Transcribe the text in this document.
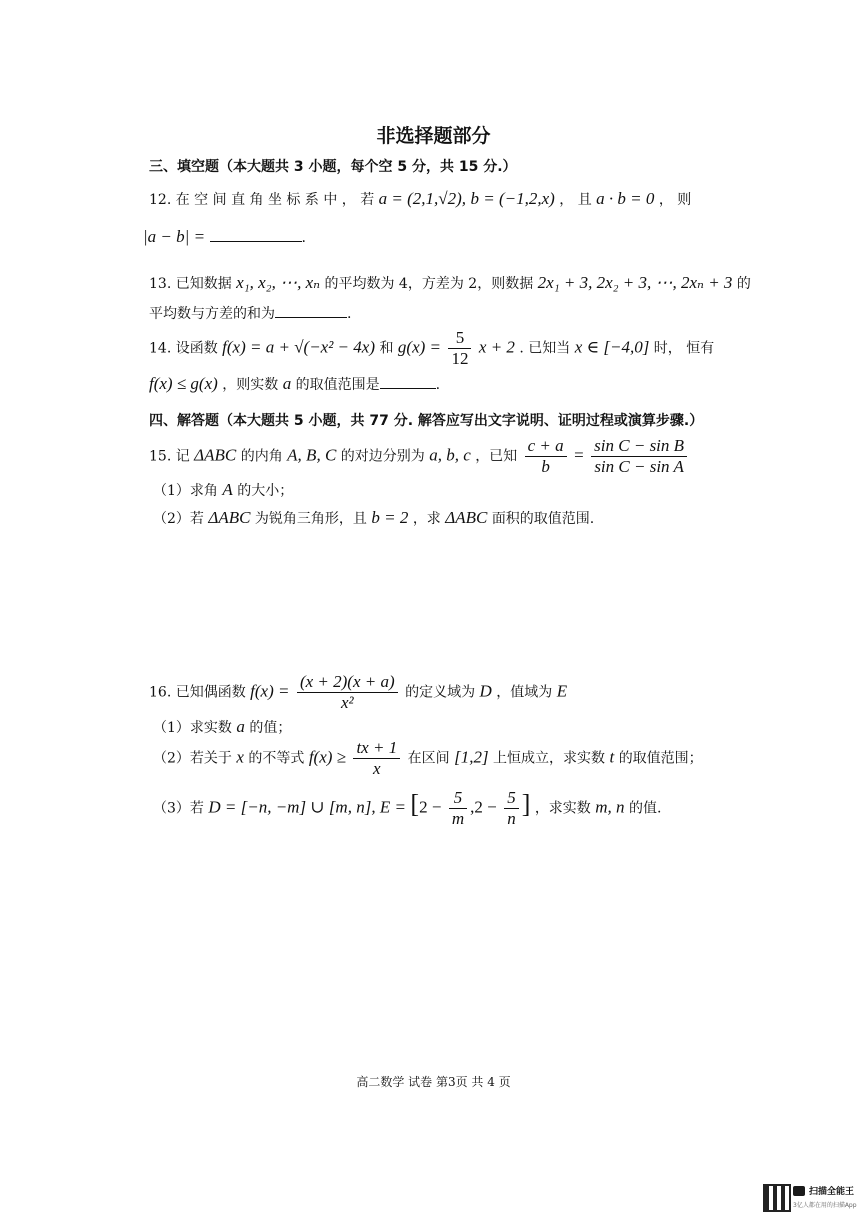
非选择题部分
三、填空题（本大题共 3 小题，每个空 5 分，共 15 分.）
12. 在 空 间 直 角 坐 标 系 中 ， 若 a = (2,1,√2), b = (−1,2,x) ， 且 a · b = 0 ， 则
|a − b| =	.
13. 已知数据 x₁, x₂, ⋯, xₙ 的平均数为 4，方差为 2，则数据 2x₁ + 3, 2x₂ + 3, ⋯, 2xₙ + 3 的
平均数与方差的和为	.
14. 设函数 f(x) = a + √(−x² − 4x) 和 $g(x) = \frac{5}{12}$ x + 2 . 已知当 x ∈ [−4,0] 时， 恒有
f(x) ≤ g(x) ，则实数 a 的取值范围是	.
四、解答题（本大题共 5 小题，共 77 分. 解答应写出文字说明、证明过程或演算步骤.）
15. 记 ΔABC 的内角 A, B, C 的对边分别为 a, b, c ，已知 $\frac{c + a}{b} = \frac{\text{sin C − sin B}}{\text{sin C − sin A}}$
（1）求角 A 的大小；
（2）若 ΔABC 为锐角三角形，且 b = 2 ，求 ΔABC 面积的取值范围.
16. 已知偶函数 $f(x) = \frac{(x + 2)(x + a)}{\text{x²}}$ 的定义域为 D ，值域为 E
（1）求实数 a 的值；
（2）若关于 x 的不等式 $f(x) \ge \frac{tx + 1}{x}$ 在区间 [1,2] 上恒成立，求实数 t 的取值范围；
（3）若 D = [−n, −m] ∪ [m, n], $E = [2 - \frac{5}{m} ,2 - \frac{5}{n}$ ] ，求实数 m, n 的值.
高二数学 试卷 第3页 共 4 页
扫描全能王
3亿人都在用的扫描App
